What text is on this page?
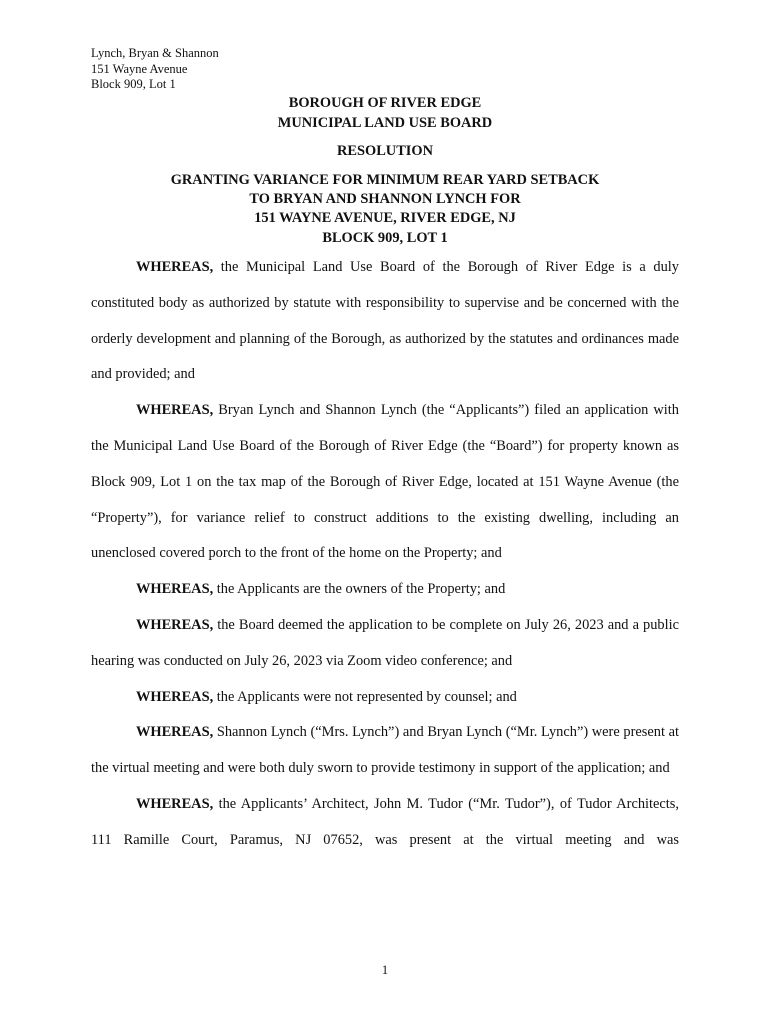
Lynch, Bryan & Shannon
151 Wayne Avenue
Block 909, Lot 1
BOROUGH OF RIVER EDGE
MUNICIPAL LAND USE BOARD
RESOLUTION
GRANTING VARIANCE FOR MINIMUM REAR YARD SETBACK
TO BRYAN AND SHANNON LYNCH FOR
151 WAYNE AVENUE, RIVER EDGE, NJ
BLOCK 909, LOT 1

WHEREAS, the Municipal Land Use Board of the Borough of River Edge is a duly constituted body as authorized by statute with responsibility to supervise and be concerned with the orderly development and planning of the Borough, as authorized by the statutes and ordinances made and provided; and

WHEREAS, Bryan Lynch and Shannon Lynch (the “Applicants”) filed an application with the Municipal Land Use Board of the Borough of River Edge (the “Board”) for property known as Block 909, Lot 1 on the tax map of the Borough of River Edge, located at 151 Wayne Avenue (the “Property”), for variance relief to construct additions to the existing dwelling, including an unenclosed covered porch to the front of the home on the Property; and

WHEREAS, the Applicants are the owners of the Property; and

WHEREAS, the Board deemed the application to be complete on July 26, 2023 and a public hearing was conducted on July 26, 2023 via Zoom video conference; and

WHEREAS, the Applicants were not represented by counsel; and

WHEREAS, Shannon Lynch (“Mrs. Lynch”) and Bryan Lynch (“Mr. Lynch”) were present at the virtual meeting and were both duly sworn to provide testimony in support of the application; and

WHEREAS, the Applicants’ Architect, John M. Tudor (“Mr. Tudor”), of Tudor Architects, 111 Ramille Court, Paramus, NJ 07652, was present at the virtual meeting and was

1
